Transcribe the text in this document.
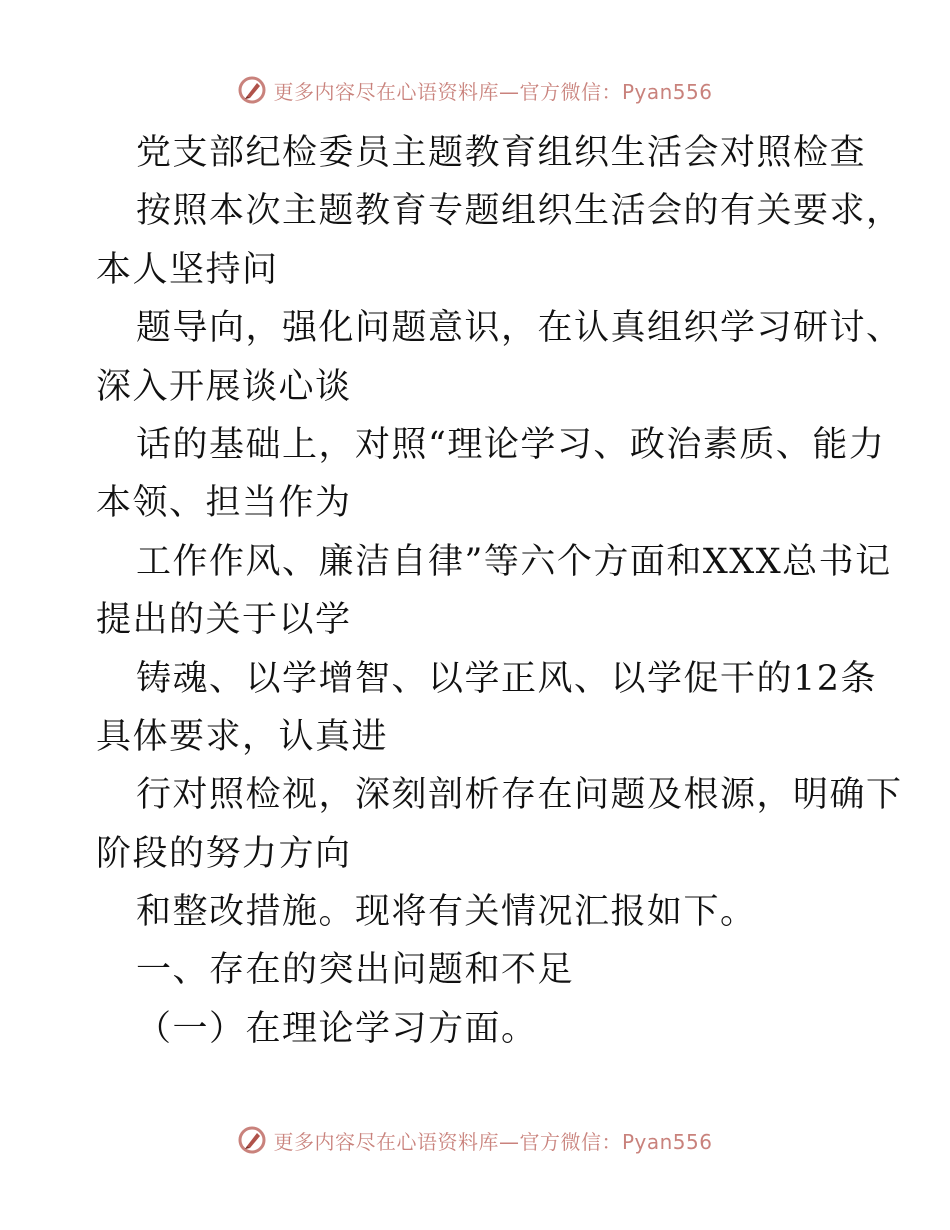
更多内容尽在心语资料库—官方微信：Pyan556
党支部纪检委员主题教育组织生活会对照检查
按照本次主题教育专题组织生活会的有关要求，
本人坚持问
题导向，强化问题意识，在认真组织学习研讨、
深入开展谈心谈
话的基础上，对照“理论学习、政治素质、能力
本领、担当作为
工作作风、廉洁自律”等六个方面和XXX总书记
提出的关于以学
铸魂、以学增智、以学正风、以学促干的12条
具体要求，认真进
行对照检视，深刻剖析存在问题及根源，明确下
阶段的努力方向
和整改措施。现将有关情况汇报如下。
一、存在的突出问题和不足
（一）在理论学习方面。
更多内容尽在心语资料库—官方微信：Pyan556
